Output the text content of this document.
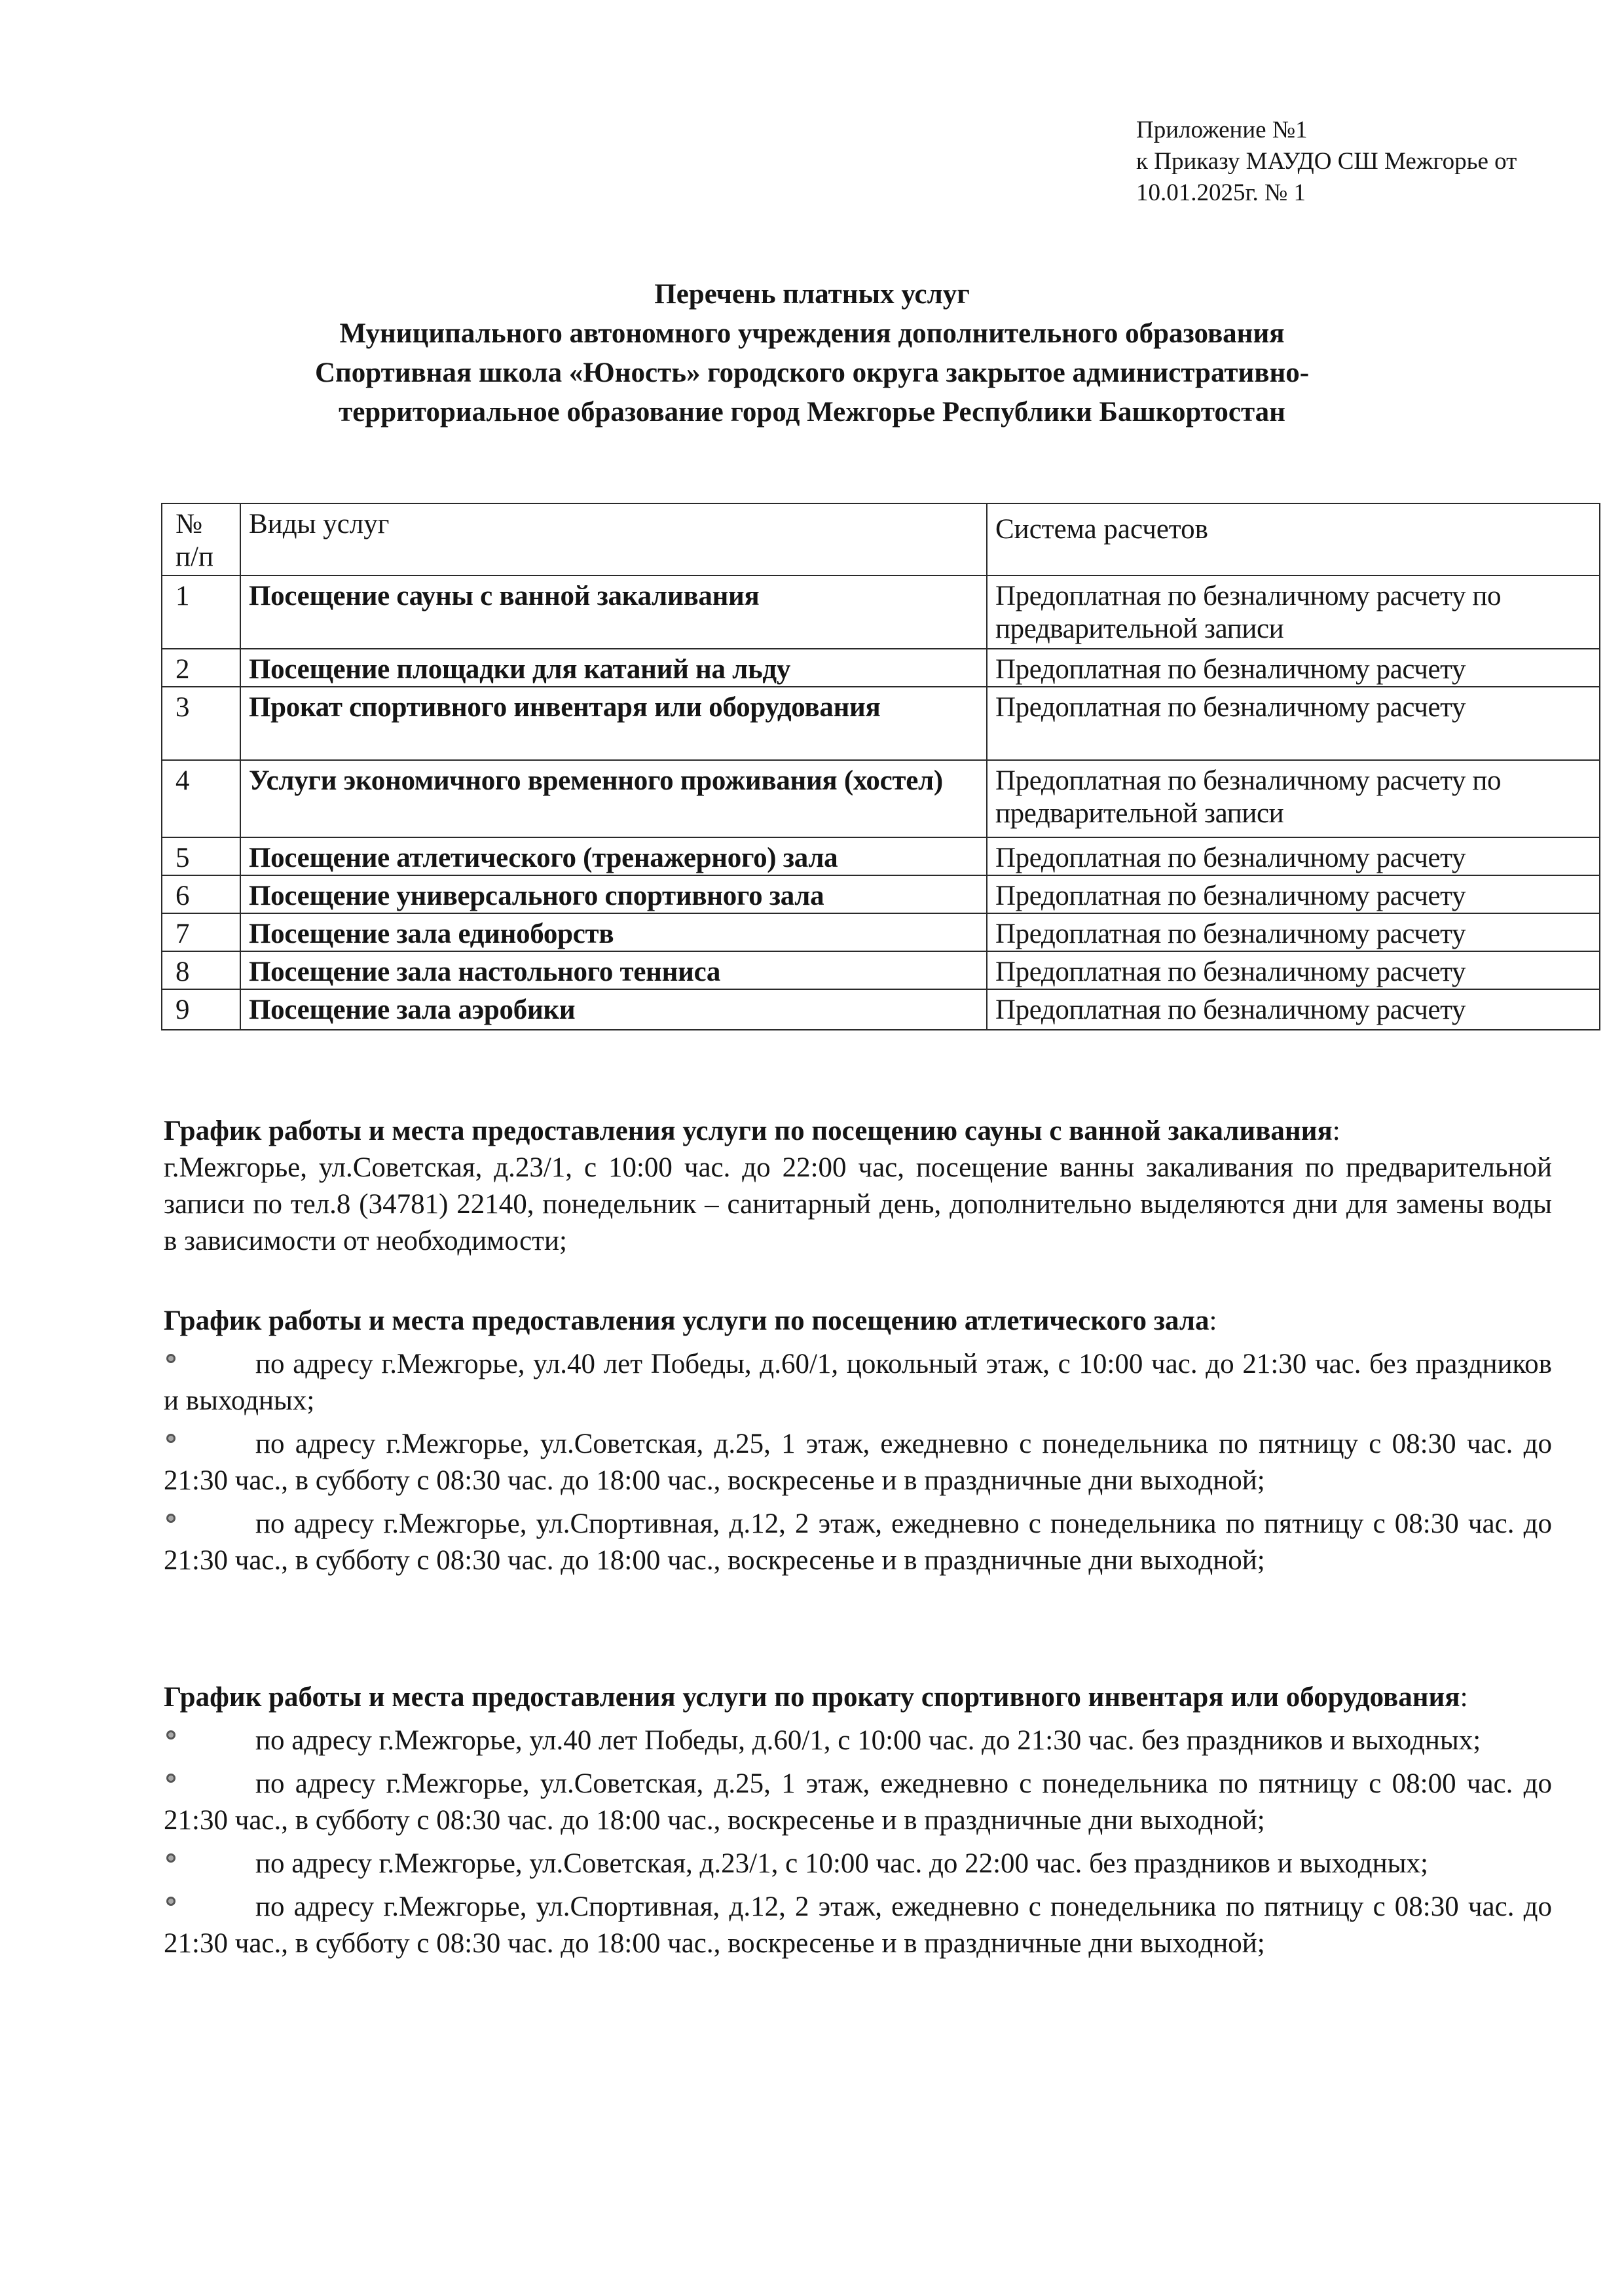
Приложение №1
к Приказу МАУДО СШ Межгорье от
10.01.2025г. № 1
Перечень платных услуг
Муниципального автономного учреждения дополнительного образования
Спортивная школа «Юность» городского округа закрытое административно-
территориальное образование город Межгорье Республики Башкортостан
№ п/п	Виды услуг	Система расчетов
1	Посещение сауны с ванной закаливания	Предоплатная по безналичному расчету по предварительной записи
2	Посещение площадки для катаний на льду	Предоплатная по безналичному расчету
3	Прокат спортивного инвентаря или оборудования	Предоплатная по безналичному расчету
4	Услуги экономичного временного проживания (хостел)	Предоплатная по безналичному расчету по предварительной записи
5	Посещение атлетического (тренажерного) зала	Предоплатная по безналичному расчету
6	Посещение универсального спортивного зала	Предоплатная по безналичному расчету
7	Посещение зала единоборств	Предоплатная по безналичному расчету
8	Посещение зала настольного тенниса	Предоплатная по безналичному расчету
9	Посещение зала аэробики	Предоплатная по безналичному расчету
График работы и места предоставления услуги по посещению сауны с ванной закаливания:
г.Межгорье, ул.Советская, д.23/1, с 10:00 час. до 22:00 час, посещение ванны закаливания по предварительной записи по тел.8 (34781) 22140, понедельник – санитарный день, дополнительно выделяются дни для замены воды в зависимости от необходимости;
График работы и места предоставления услуги по посещению атлетического зала:
по адресу г.Межгорье, ул.40 лет Победы, д.60/1, цокольный этаж, с 10:00 час. до 21:30 час. без праздников и выходных;
по адресу г.Межгорье, ул.Советская, д.25, 1 этаж, ежедневно с понедельника по пятницу с 08:30 час. до 21:30 час., в субботу с 08:30 час. до 18:00 час., воскресенье и в праздничные дни выходной;
по адресу г.Межгорье, ул.Спортивная, д.12, 2 этаж, ежедневно с понедельника по пятницу с 08:30 час. до 21:30 час., в субботу с 08:30 час. до 18:00 час., воскресенье и в праздничные дни выходной;
График работы и места предоставления услуги по прокату спортивного инвентаря или оборудования:
по адресу г.Межгорье, ул.40 лет Победы, д.60/1, с 10:00 час. до 21:30 час. без праздников и выходных;
по адресу г.Межгорье, ул.Советская, д.25, 1 этаж, ежедневно с понедельника по пятницу с 08:00 час. до 21:30 час., в субботу с 08:30 час. до 18:00 час., воскресенье и в праздничные дни выходной;
по адресу г.Межгорье, ул.Советская, д.23/1, с 10:00 час. до 22:00 час. без праздников и выходных;
по адресу г.Межгорье, ул.Спортивная, д.12, 2 этаж, ежедневно с понедельника по пятницу с 08:30 час. до 21:30 час., в субботу с 08:30 час. до 18:00 час., воскресенье и в праздничные дни выходной;
